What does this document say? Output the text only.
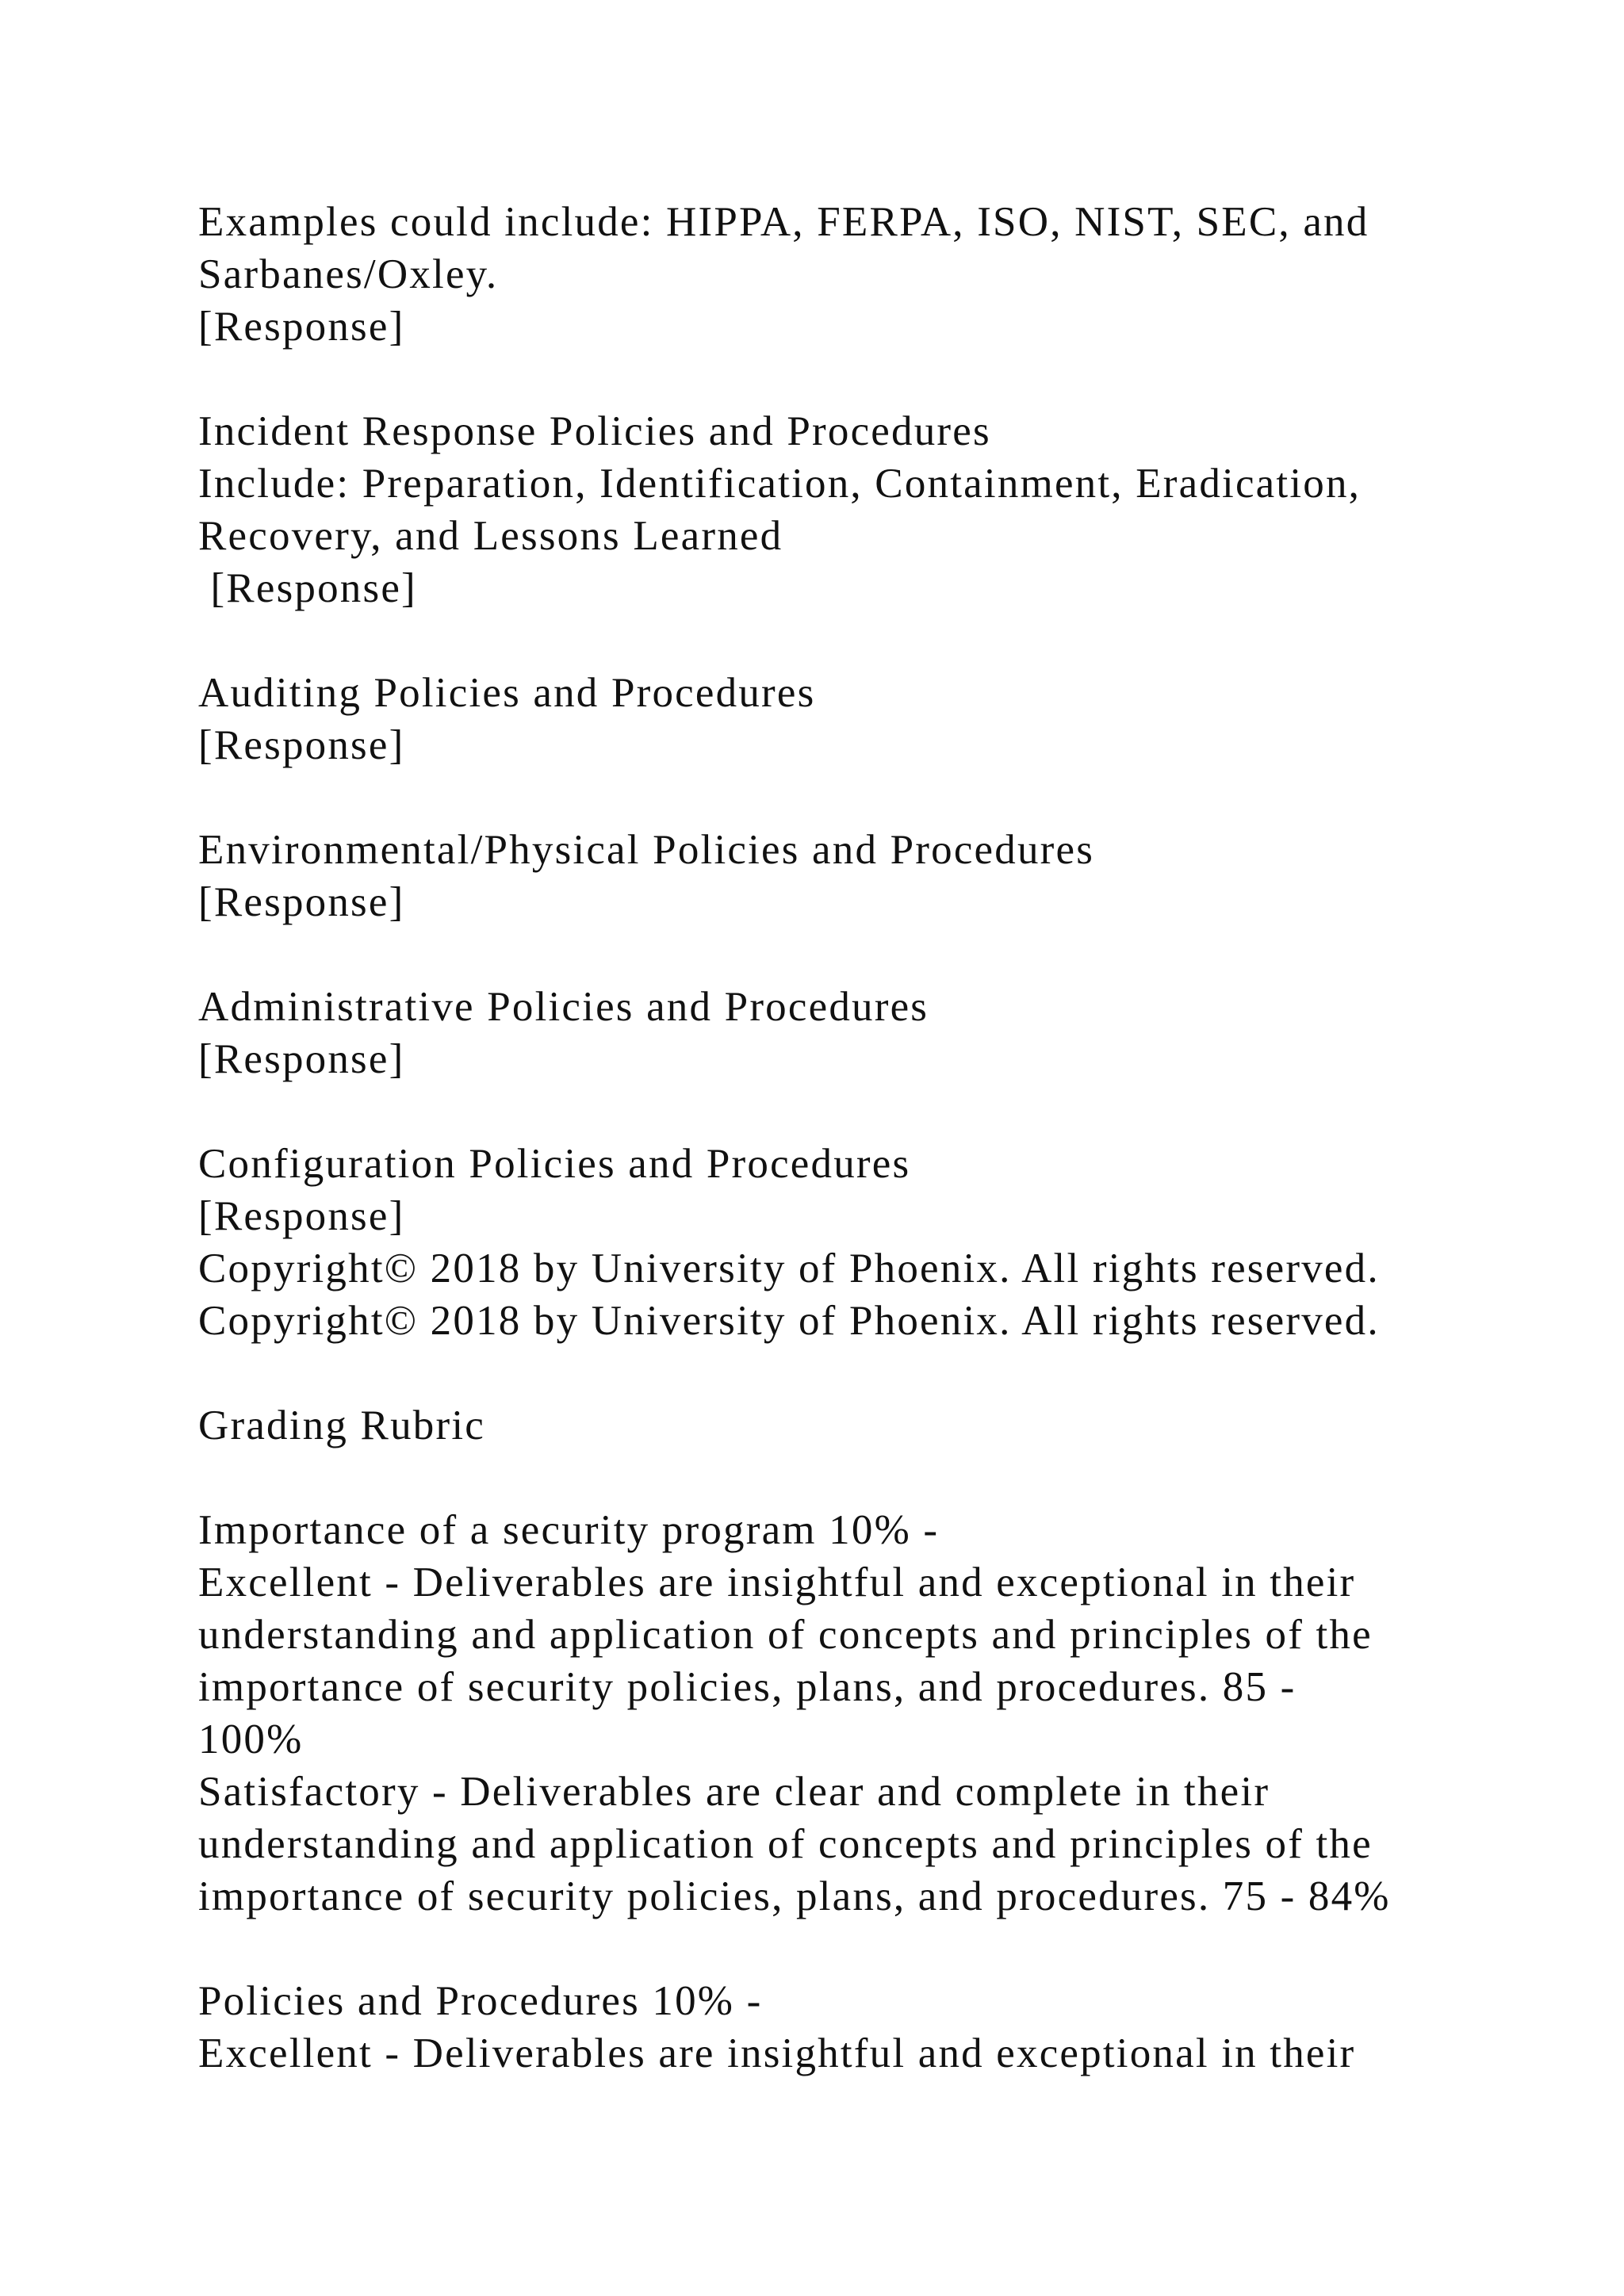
Examples could include: HIPPA, FERPA, ISO, NIST, SEC, and
Sarbanes/Oxley.
[Response]
Incident Response Policies and Procedures
Include: Preparation, Identification, Containment, Eradication,
Recovery, and Lessons Learned
[Response]
Auditing Policies and Procedures
[Response]
Environmental/Physical Policies and Procedures
[Response]
Administrative Policies and Procedures
[Response]
Configuration Policies and Procedures
[Response]
Copyright© 2018 by University of Phoenix. All rights reserved.
Copyright© 2018 by University of Phoenix. All rights reserved.
Grading Rubric
Importance of a security program 10% -
Excellent - Deliverables are insightful and exceptional in their
understanding and application of concepts and principles of the
importance of security policies, plans, and procedures. 85 -
100%
Satisfactory - Deliverables are clear and complete in their
understanding and application of concepts and principles of the
importance of security policies, plans, and procedures. 75 - 84%
Policies and Procedures 10% -
Excellent - Deliverables are insightful and exceptional in their
